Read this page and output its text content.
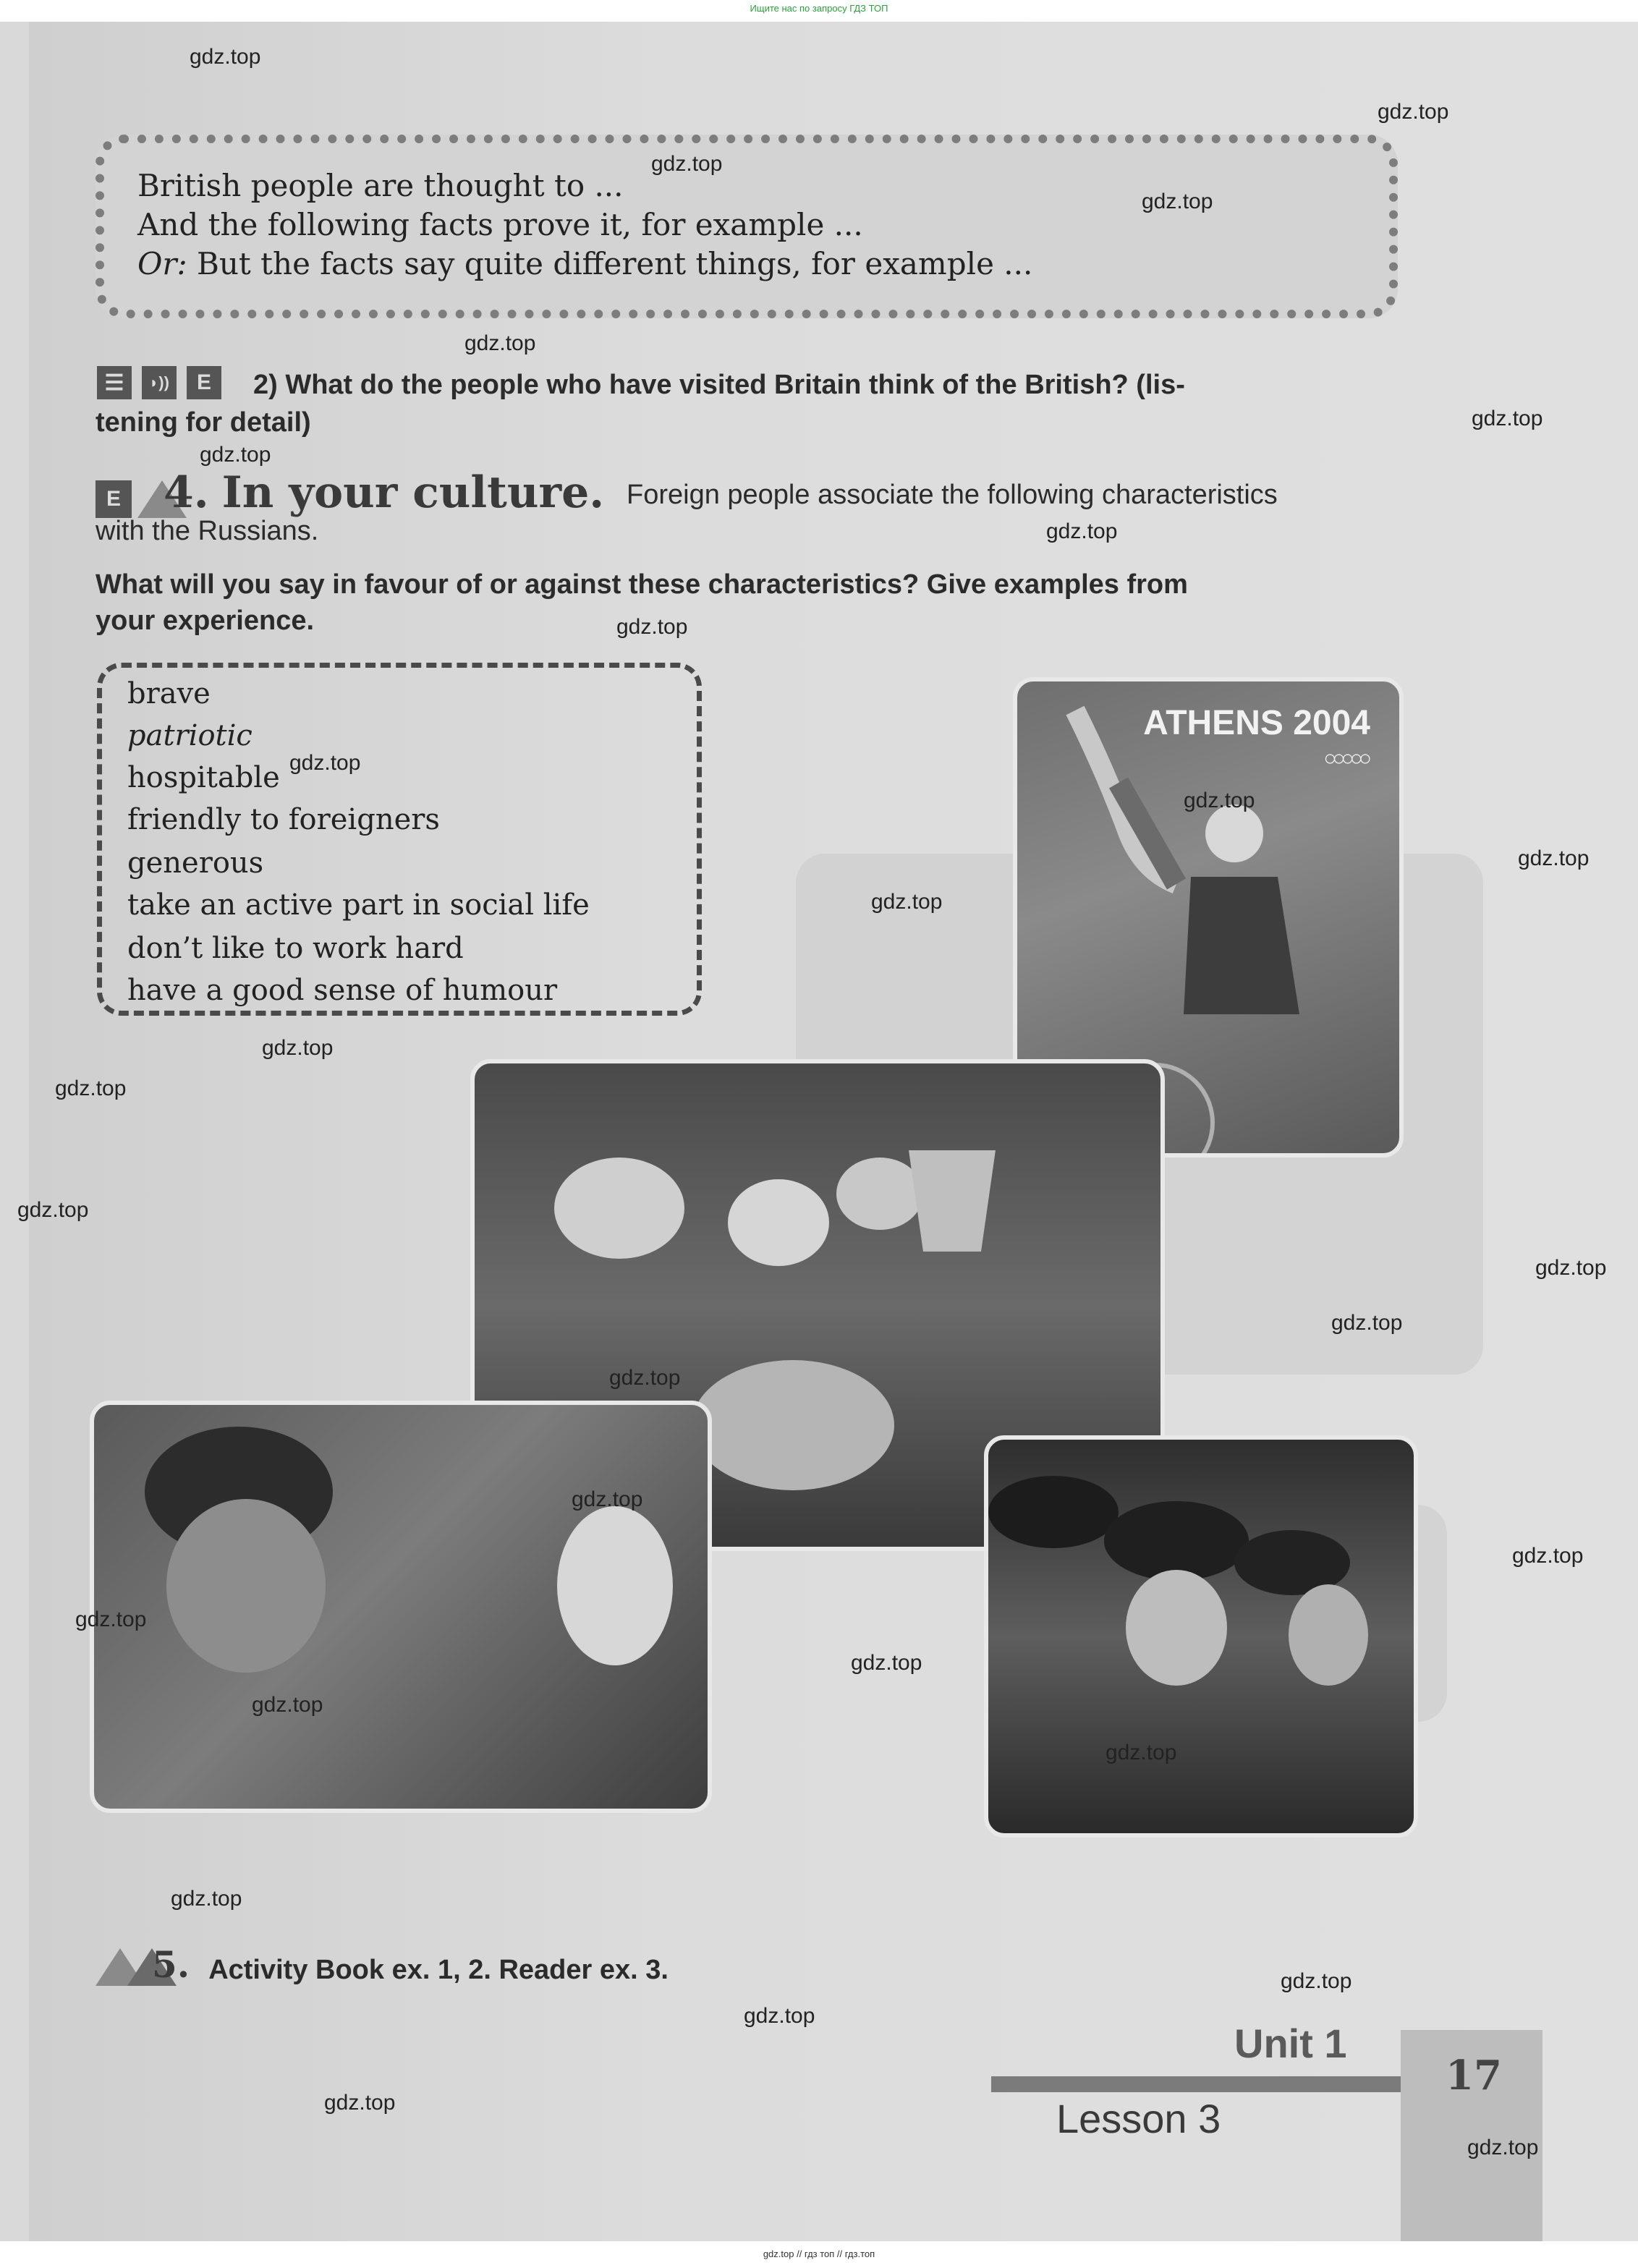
Ищите нас по запросу ГДЗ ТОП
British people are thought to ...
And the following facts prove it, for example ...
Or: But the facts say quite different things, for example ...
☰	◗))	E	2) What do the people who have visited Britain think of the British? (lis-
tening for detail)
E 4. In your culture. Foreign people associate the following characteristics
with the Russians.
What will you say in favour of or against these characteristics? Give examples from
your experience.
brave
patriotic
hospitable
friendly to foreigners
generous
take an active part in social life
don’t like to work hard
have a good sense of humour
ATHENS 2004
○○○○○
5. Activity Book ex. 1, 2. Reader ex. 3.
Unit 1
Lesson 3
17
gdz.top
gdz.top
gdz.top
gdz.top
gdz.top
gdz.top
gdz.top
gdz.top
gdz.top
gdz.top
gdz.top
gdz.top
gdz.top
gdz.top
gdz.top
gdz.top
gdz.top
gdz.top
gdz.top
gdz.top
gdz.top
gdz.top
gdz.top
gdz.top
gdz.top
gdz.top
gdz.top
gdz.top
gdz.top
gdz.top
gdz.top // гдз топ // гдз.топ
